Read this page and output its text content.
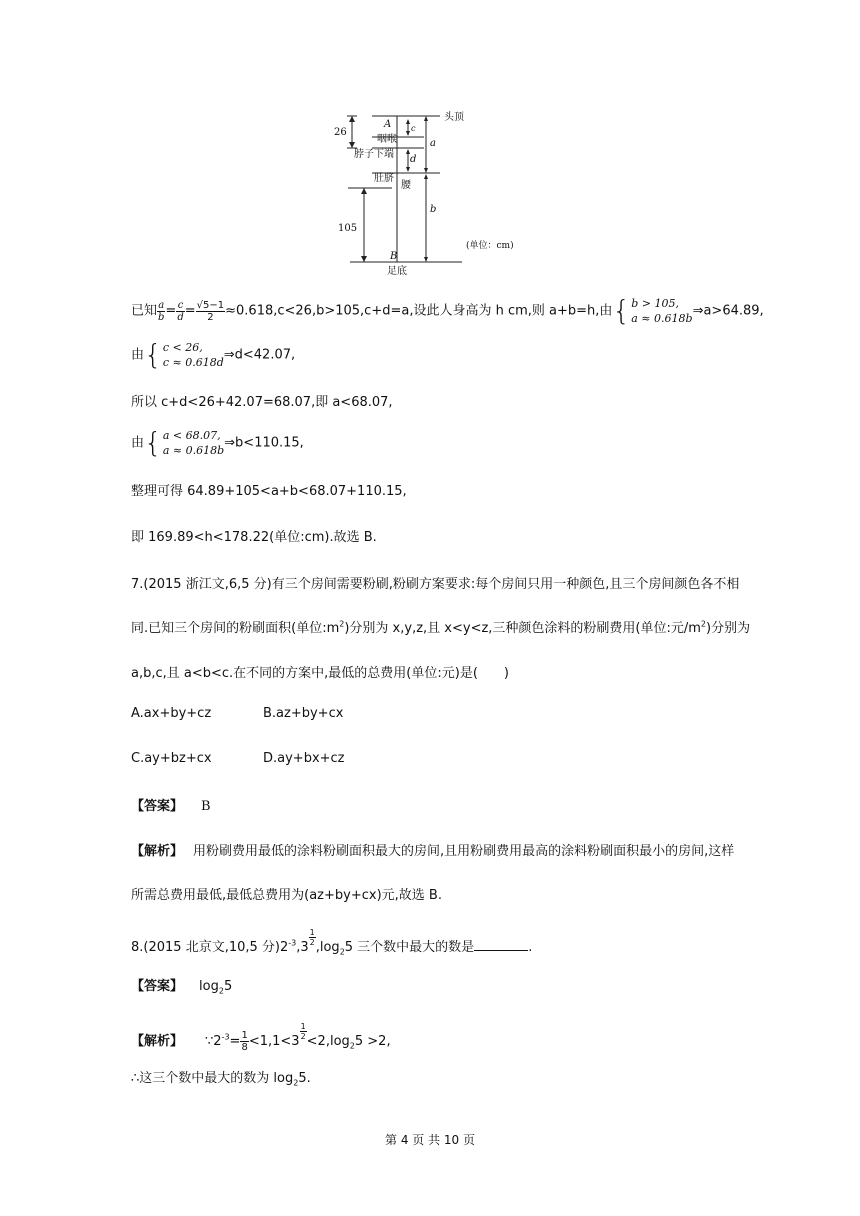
头顶
26
A
咽喉
脖子下端
肚脐
腰
105
B
足底
a
b
c
d
(单位：cm)
已知 $\frac{a}{b} = \frac{c}{d} = \frac{√5-1}{2} \approx 0.618,c<26,b>105,c+d=a$,设此人身高为 h cm,则 a+b=h,由{ b > 105,
a ≈ 0.618b ⇒a>64.89,
由{ c < 26,
c ≈ 0.618d ⇒d<42.07,
所以 c+d<26+42.07=68.07,即 a<68.07,
由{ a < 68.07,
a ≈ 0.618b ⇒b<110.15,
整理可得 64.89+105<a+b<68.07+110.15,
即 169.89<h<178.22(单位:cm).故选 B.
7.(2015 浙江文,6,5 分)有三个房间需要粉刷,粉刷方案要求:每个房间只用一种颜色,且三个房间颜色各不相
同.已知三个房间的粉刷面积(单位$:m^2$)分别为 x,y,z,且 x<y<z,三种颜色涂料的粉刷费用(单位:元$/m^2$)分别为
a,b,c,且 a<b<c.在不同的方案中,最低的总费用(单位:元)是(　　)
A.ax+by+cz	B.az+by+cx
C.ay+bz+cx	D.ay+bx+cz
【答案】 B
【解析】 用粉刷费用最低的涂料粉刷面积最大的房间,且用粉刷费用最高的涂料粉刷面积最小的房间,这样
所需总费用最低,最低总费用为(az+by+cx)元,故选 B.
8.(2015 北京文,10,5 分)$2^{-3},3$
$\frac{1}{2}$
$,\log_25$ 三个数中最大的数是	.
【答案】 $\log_25$
【解析】 $\because 2^{-3}= \frac{1}{8} <1,1<3$
$\frac{1}{2}$
$<2,\log_25 >2$,
∴这三个数中最大的数为 $\log_25$.
第 4 页 共 10 页
